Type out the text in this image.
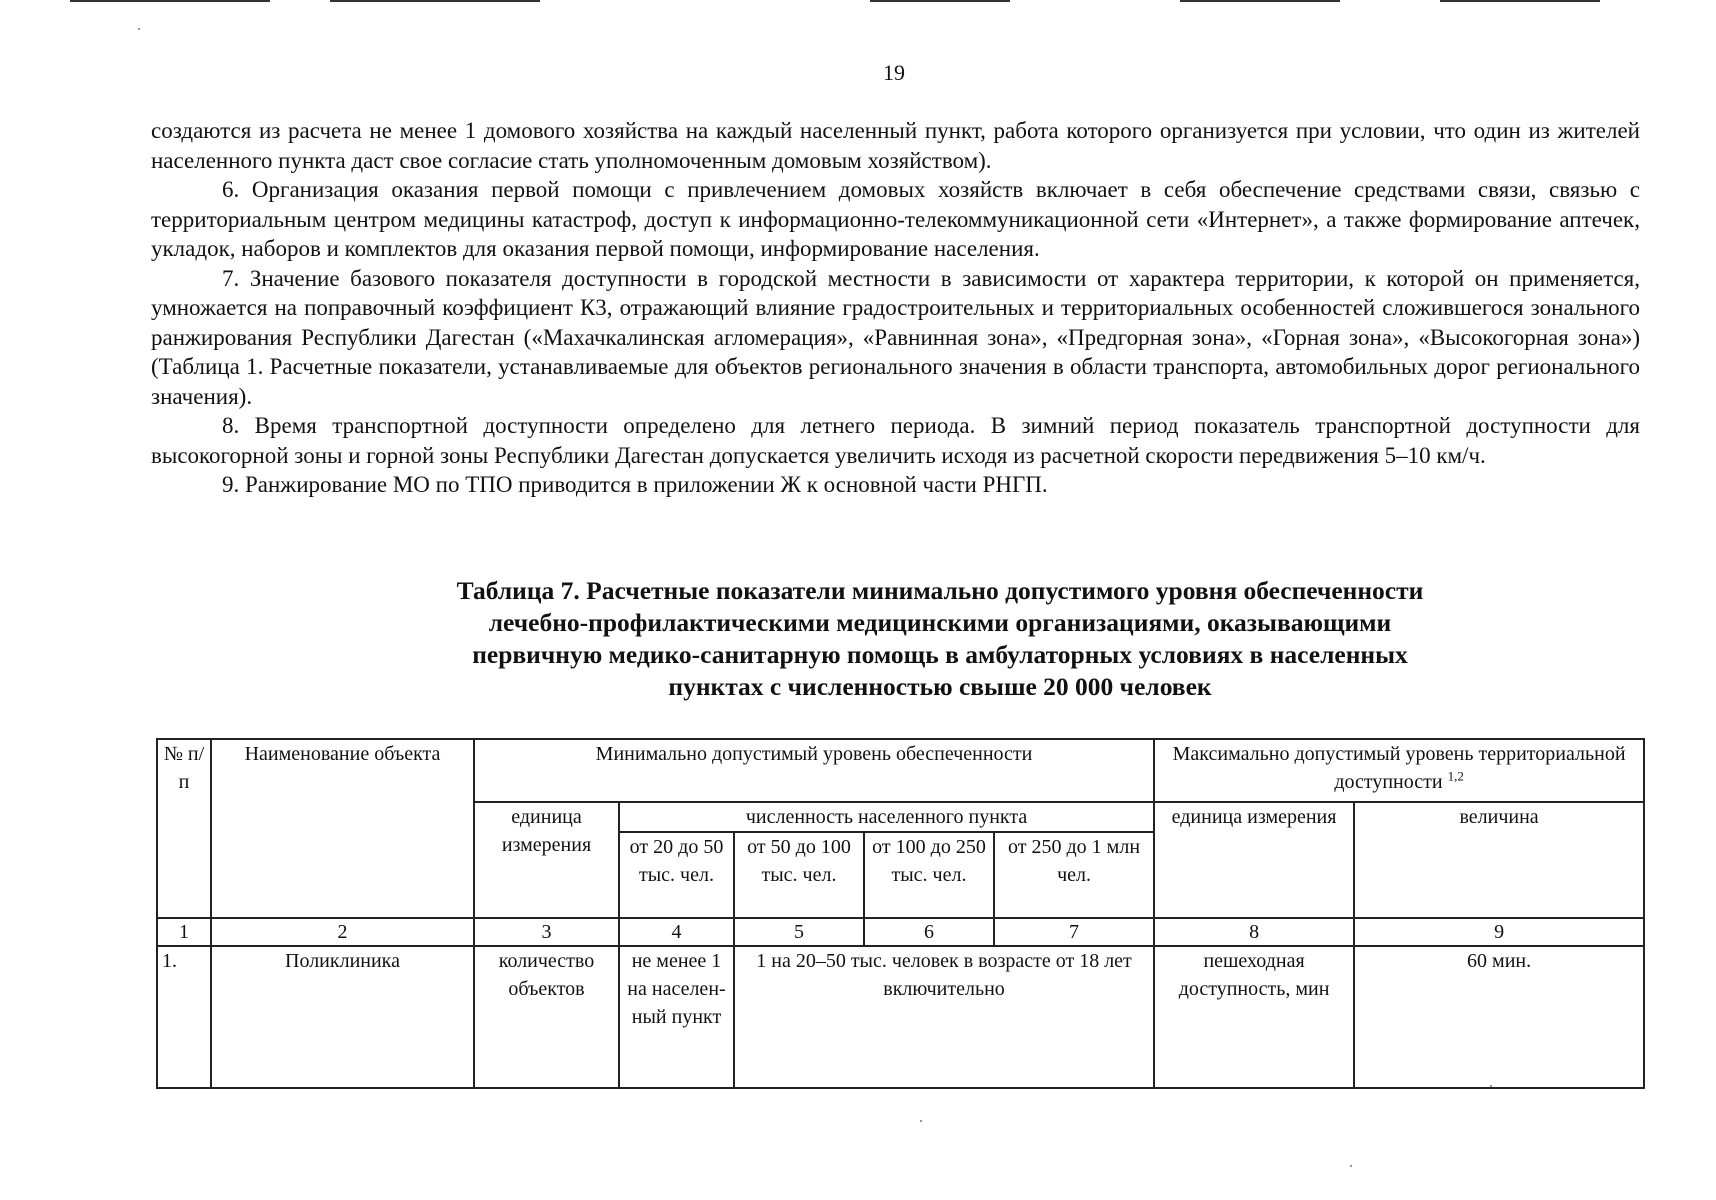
19

создаются из расчета не менее 1 домового хозяйства на каждый населенный пункт, работа которого организуется при условии, что один из жителей населенного пункта даст свое согласие стать уполномоченным домовым хозяйством).

6. Организация оказания первой помощи с привлечением домовых хозяйств включает в себя обеспечение средствами связи, связью с территориальным центром медицины катастроф, доступ к информационно-телекоммуникационной сети «Интернет», а также формирование аптечек, укладок, наборов и комплектов для оказания первой помощи, информирование населения.

7. Значение базового показателя доступности в городской местности в зависимости от характера территории, к которой он применяется, умножается на поправочный коэффициент К3, отражающий влияние градостроительных и территориальных особенностей сложившегося зонального ранжирования Республики Дагестан («Махачкалинская агломерация», «Равнинная зона», «Предгорная зона», «Горная зона», «Высокогорная зона») (Таблица 1. Расчетные показатели, устанавливаемые для объектов регионального значения в области транспорта, автомобильных дорог регионального значения).

8. Время транспортной доступности определено для летнего периода. В зимний период показатель транспортной доступности для высокогорной зоны и горной зоны Республики Дагестан допускается увеличить исходя из расчетной скорости передвижения 5–10 км/ч.

9. Ранжирование МО по ТПО приводится в приложении Ж к основной части РНГП.

Таблица 7. Расчетные показатели минимально допустимого уровня обеспеченности
лечебно-профилактическими медицинскими организациями, оказывающими
первичную медико-санитарную помощь в амбулаторных условиях в населенных
пунктах с численностью свыше 20 000 человек
№ п/п	Наименование объекта	Минимально допустимый уровень обеспеченности					Максимально допустимый уровень территориальной доступности $^{1,2}$
		единица измерения	численность населенного пункта				единица измерения	величина
			от 20 до 50 тыс. чел.	от 50 до 100 тыс. чел.	от 100 до 250 тыс. чел.	от 250 до 1 млн чел.		
1	2	3	4	5	6	7	8	9
1.	Поликлиника	количество объектов	не менее 1 на населен-ный пункт	1 на 20–50 тыс. человек в возрасте от 18 лет включительно			пешеходная доступность, мин	60 мин.
